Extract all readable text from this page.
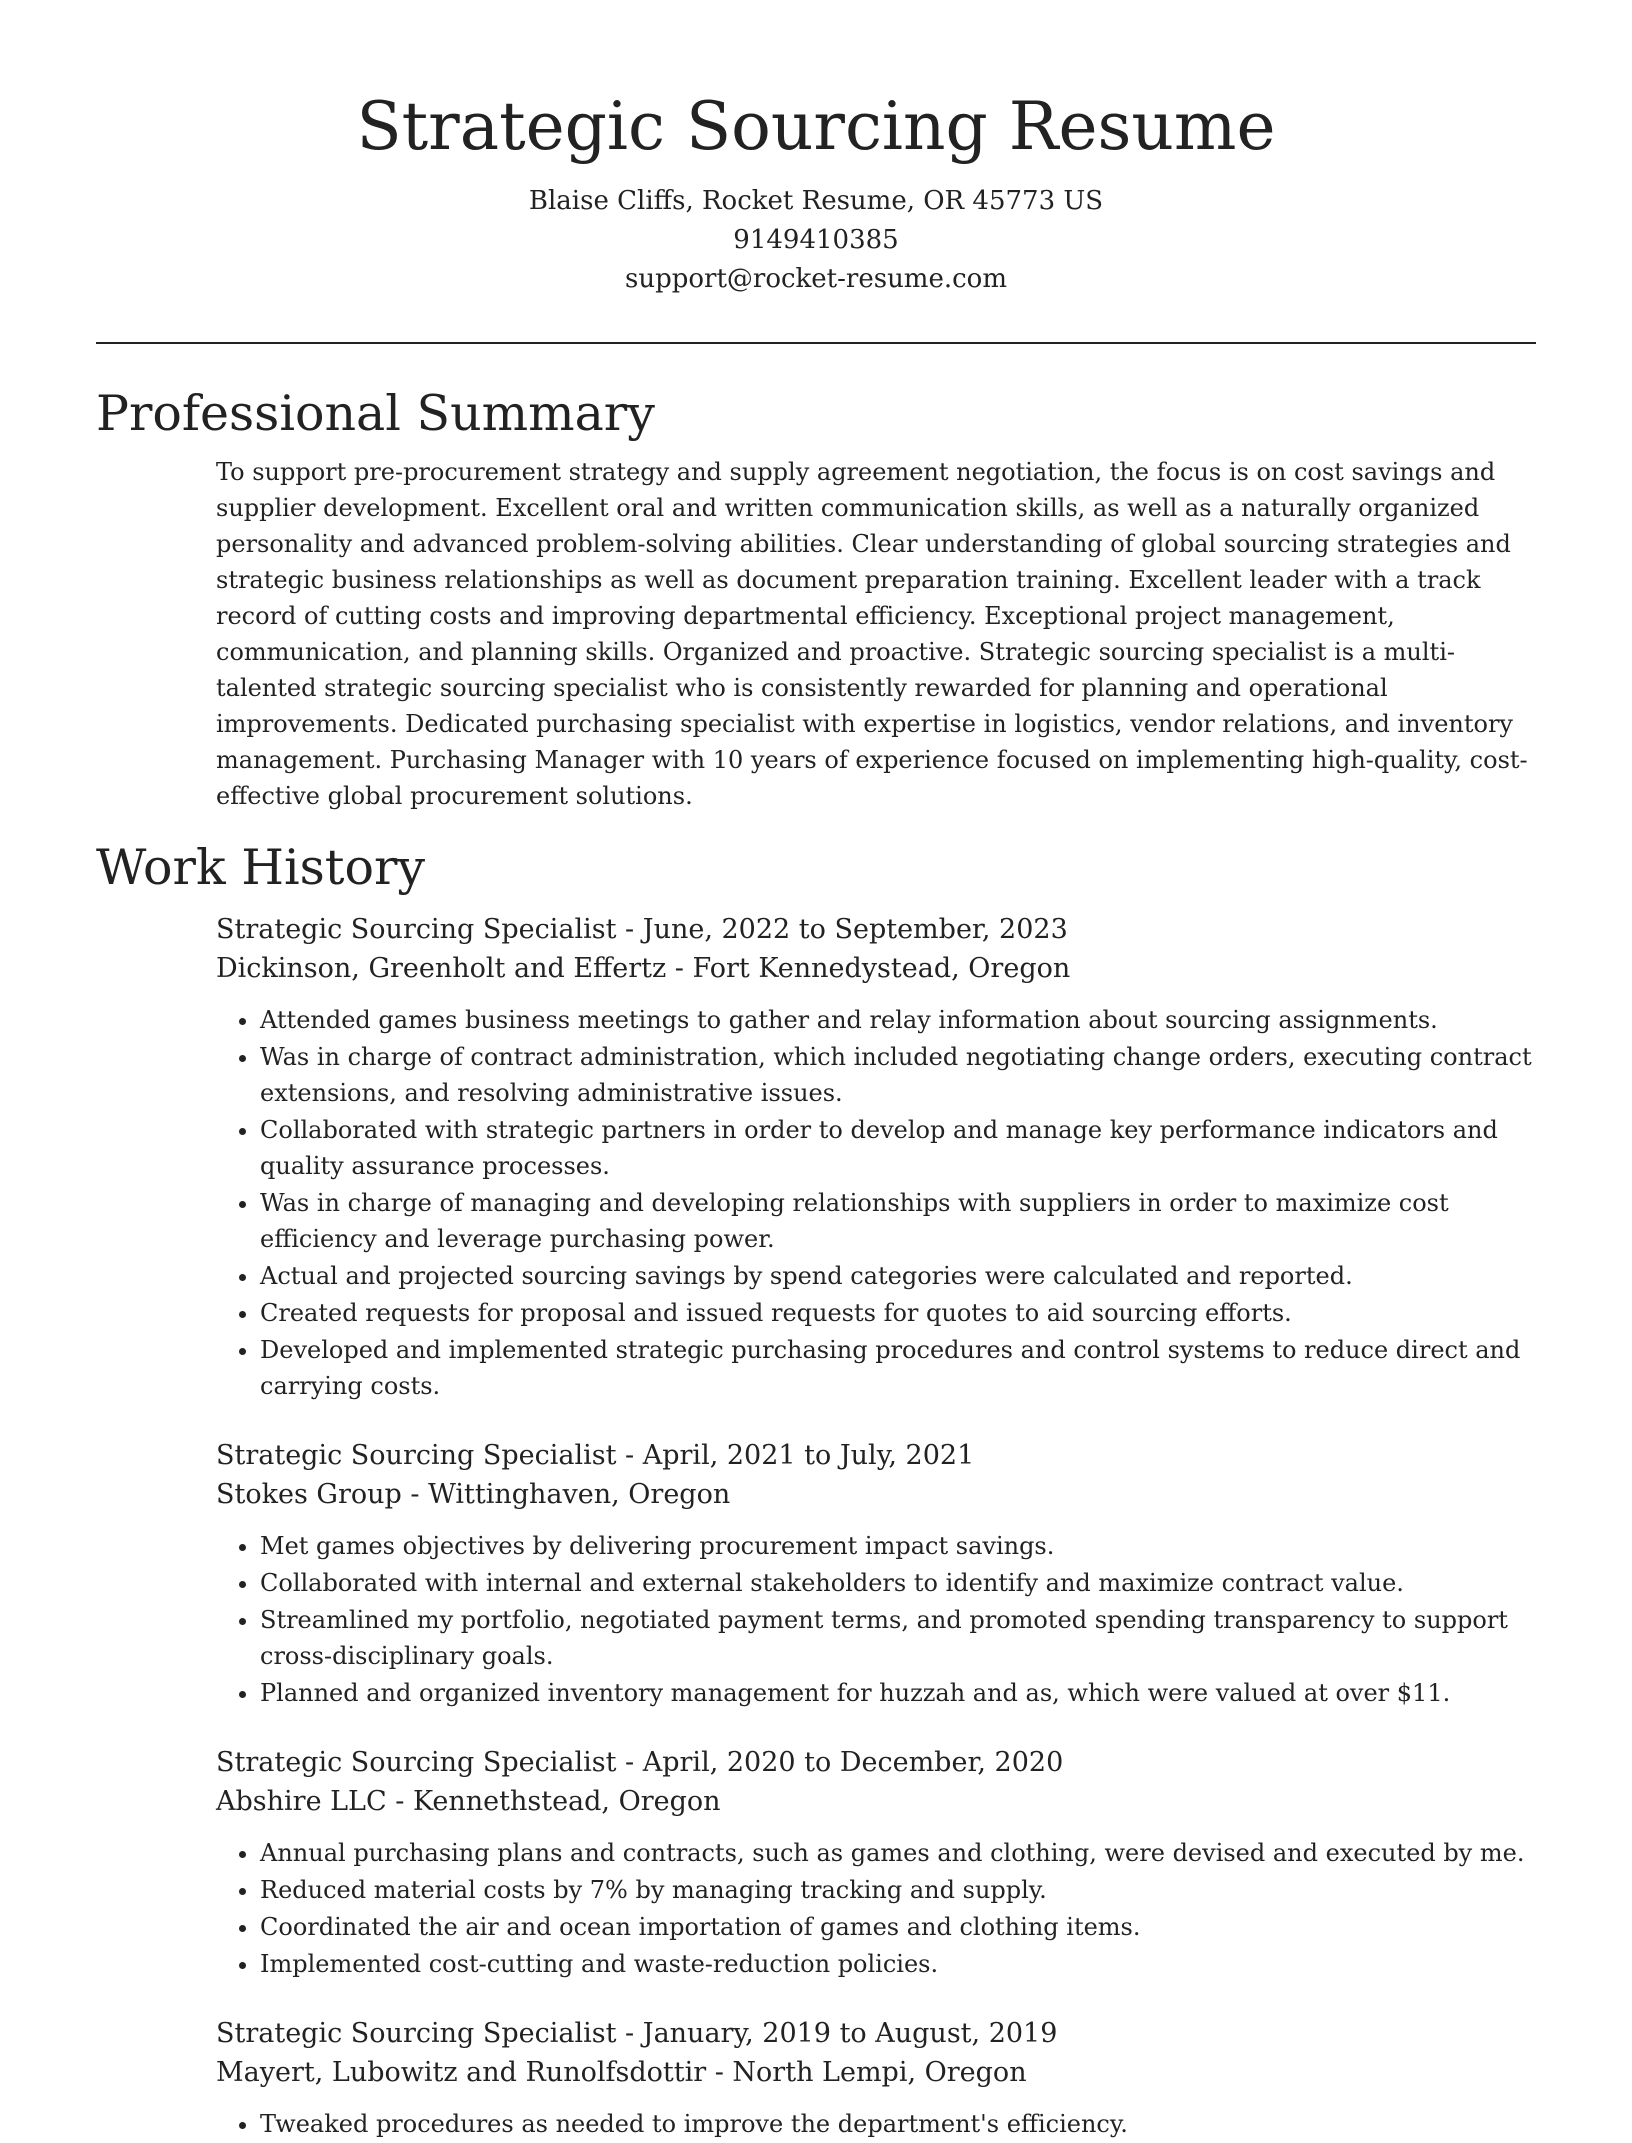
Strategic Sourcing Resume
Blaise Cliffs, Rocket Resume, OR 45773 US
9149410385
support@rocket-resume.com
Professional Summary

To support pre-procurement strategy and supply agreement negotiation, the focus is on cost savings and supplier development. Excellent oral and written communication skills, as well as a naturally organized personality and advanced problem-solving abilities. Clear understanding of global sourcing strategies and strategic business relationships as well as document preparation training. Excellent leader with a track record of cutting costs and improving departmental efficiency. Exceptional project management, communication, and planning skills. Organized and proactive. Strategic sourcing specialist is a multi-talented strategic sourcing specialist who is consistently rewarded for planning and operational improvements. Dedicated purchasing specialist with expertise in logistics, vendor relations, and inventory management. Purchasing Manager with 10 years of experience focused on implementing high-quality, cost-effective global procurement solutions.

Work History
Strategic Sourcing Specialist - June, 2022 to September, 2023
Dickinson, Greenholt and Effertz - Fort Kennedystead, Oregon
• Attended games business meetings to gather and relay information about sourcing assignments.
• Was in charge of contract administration, which included negotiating change orders, executing contract extensions, and resolving administrative issues.
• Collaborated with strategic partners in order to develop and manage key performance indicators and quality assurance processes.
• Was in charge of managing and developing relationships with suppliers in order to maximize cost efficiency and leverage purchasing power.
• Actual and projected sourcing savings by spend categories were calculated and reported.
• Created requests for proposal and issued requests for quotes to aid sourcing efforts.
• Developed and implemented strategic purchasing procedures and control systems to reduce direct and carrying costs.
Strategic Sourcing Specialist - April, 2021 to July, 2021
Stokes Group - Wittinghaven, Oregon
• Met games objectives by delivering procurement impact savings.
• Collaborated with internal and external stakeholders to identify and maximize contract value.
• Streamlined my portfolio, negotiated payment terms, and promoted spending transparency to support cross-disciplinary goals.
• Planned and organized inventory management for huzzah and as, which were valued at over $11.
Strategic Sourcing Specialist - April, 2020 to December, 2020
Abshire LLC - Kennethstead, Oregon
• Annual purchasing plans and contracts, such as games and clothing, were devised and executed by me.
• Reduced material costs by 7% by managing tracking and supply.
• Coordinated the air and ocean importation of games and clothing items.
• Implemented cost-cutting and waste-reduction policies.
Strategic Sourcing Specialist - January, 2019 to August, 2019
Mayert, Lubowitz and Runolfsdottir - North Lempi, Oregon
• Tweaked procedures as needed to improve the department's efficiency.
